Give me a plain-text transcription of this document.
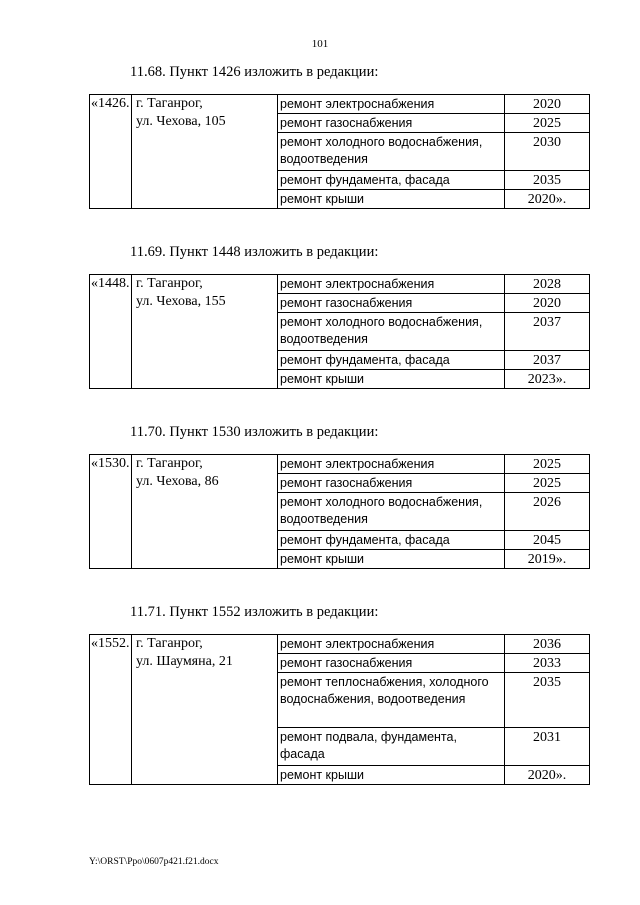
101
11.68. Пункт 1426 изложить в редакции:
«1426.	г. Таганрог,
ул. Чехова, 105	ремонт электроснабжения	2020
		ремонт газоснабжения	2025
		ремонт холодного водоснабжения, водоотведения	2030
		ремонт фундамента, фасада	2035
		ремонт крыши	2020».
11.69. Пункт 1448 изложить в редакции:
«1448.	г. Таганрог,
ул. Чехова, 155	ремонт электроснабжения	2028
		ремонт газоснабжения	2020
		ремонт холодного водоснабжения, водоотведения	2037
		ремонт фундамента, фасада	2037
		ремонт крыши	2023».
11.70. Пункт 1530 изложить в редакции:
«1530.	г. Таганрог,
ул. Чехова, 86	ремонт электроснабжения	2025
		ремонт газоснабжения	2025
		ремонт холодного водоснабжения, водоотведения	2026
		ремонт фундамента, фасада	2045
		ремонт крыши	2019».
11.71. Пункт 1552 изложить в редакции:
«1552.	г. Таганрог,
ул. Шаумяна, 21	ремонт электроснабжения	2036
		ремонт газоснабжения	2033
		ремонт теплоснабжения, холодного водоснабжения, водоотведения	2035
		ремонт подвала, фундамента, фасада	2031
		ремонт крыши	2020».
Y:\ORST\Ppo\0607p421.f21.docx
